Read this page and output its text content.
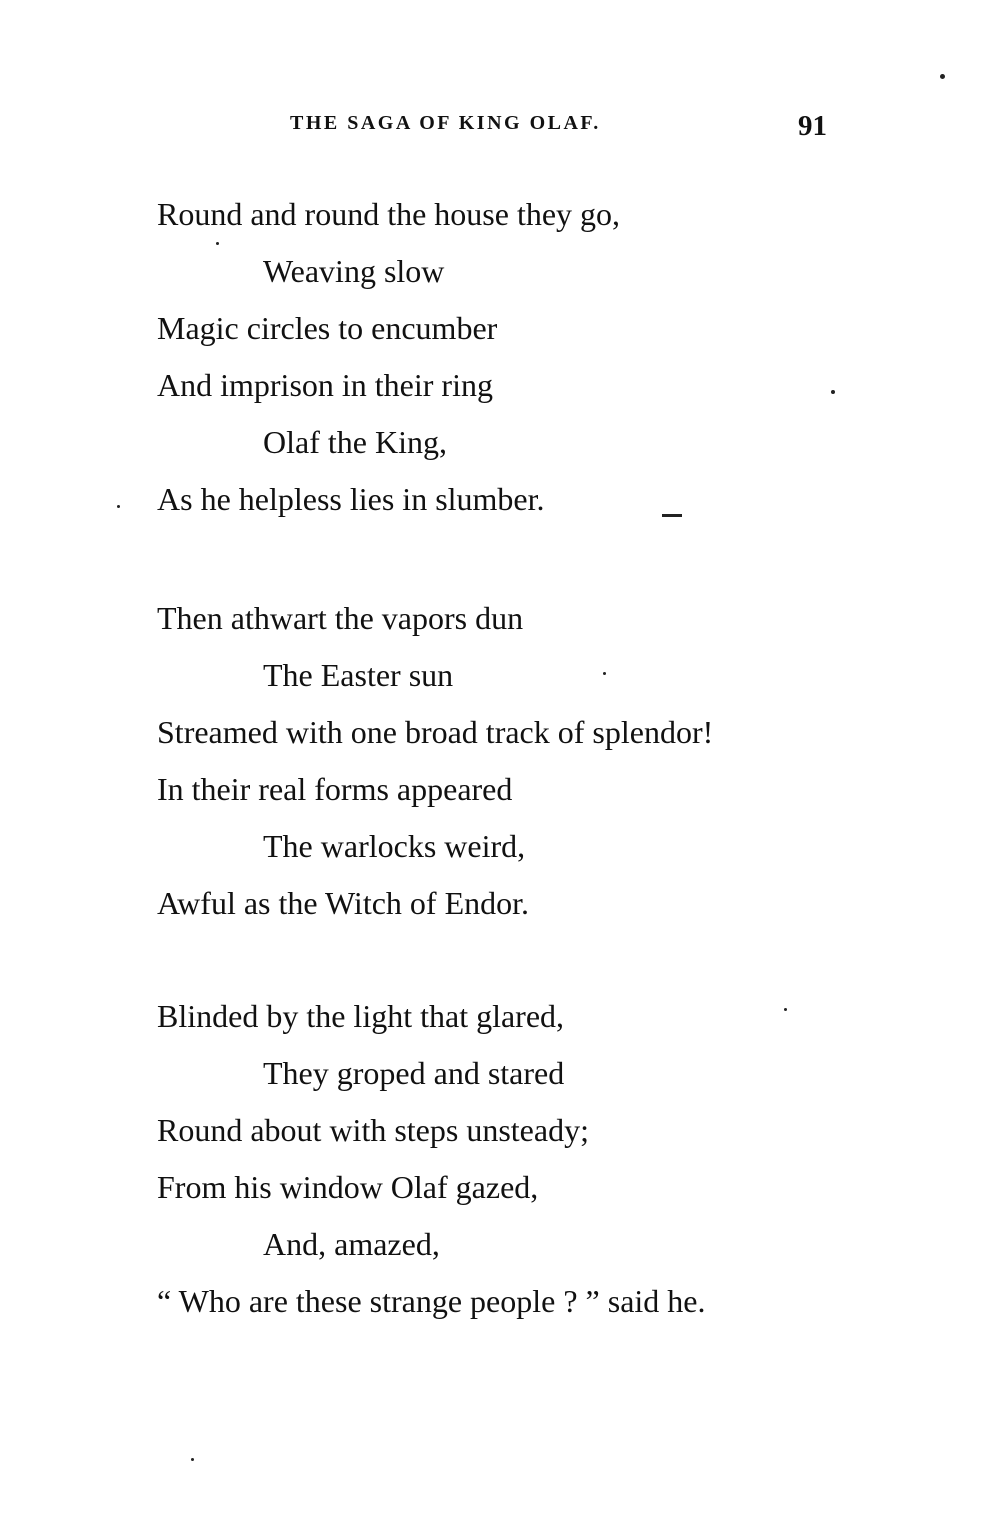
THE SAGA OF KING OLAF.	91
Round and round the house they go,
Weaving slow
Magic circles to encumber
And imprison in their ring
Olaf the King,
As he helpless lies in slumber.
Then athwart the vapors dun
The Easter sun
Streamed with one broad track of splendor!
In their real forms appeared
The warlocks weird,
Awful as the Witch of Endor.
Blinded by the light that glared,
They groped and stared
Round about with steps unsteady;
From his window Olaf gazed,
And, amazed,
“ Who are these strange people ? ” said he.
